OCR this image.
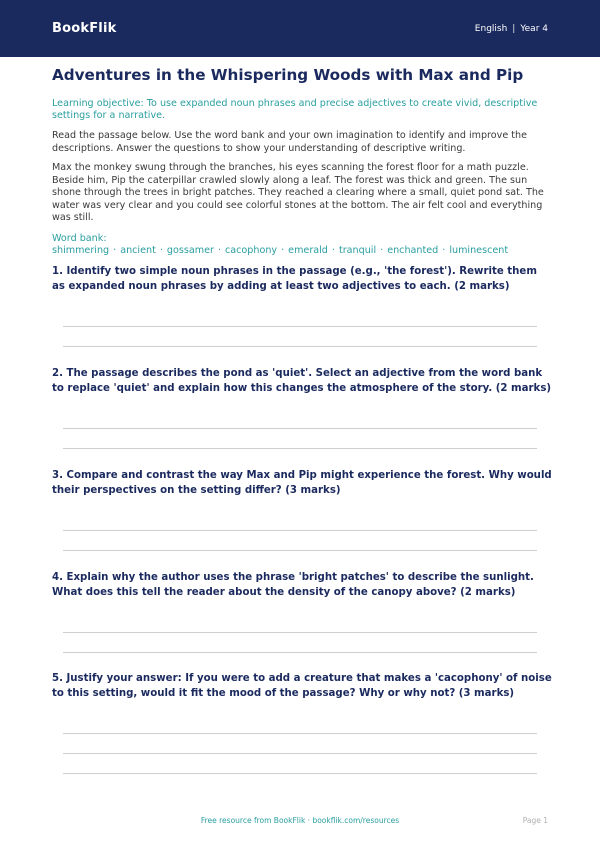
BookFlik	English | Year 4
Adventures in the Whispering Woods with Max and Pip
Learning objective: To use expanded noun phrases and precise adjectives to create vivid, descriptive settings for a narrative.
Read the passage below. Use the word bank and your own imagination to identify and improve the descriptions. Answer the questions to show your understanding of descriptive writing.
Max the monkey swung through the branches, his eyes scanning the forest floor for a math puzzle. Beside him, Pip the caterpillar crawled slowly along a leaf. The forest was thick and green. The sun shone through the trees in bright patches. They reached a clearing where a small, quiet pond sat. The water was very clear and you could see colorful stones at the bottom. The air felt cool and everything was still.
Word bank: shimmering · ancient · gossamer · cacophony · emerald · tranquil · enchanted · luminescent
1. Identify two simple noun phrases in the passage (e.g., 'the forest'). Rewrite them as expanded noun phrases by adding at least two adjectives to each. (2 marks)
2. The passage describes the pond as 'quiet'. Select an adjective from the word bank to replace 'quiet' and explain how this changes the atmosphere of the story. (2 marks)
3. Compare and contrast the way Max and Pip might experience the forest. Why would their perspectives on the setting differ? (3 marks)
4. Explain why the author uses the phrase 'bright patches' to describe the sunlight. What does this tell the reader about the density of the canopy above? (2 marks)
5. Justify your answer: If you were to add a creature that makes a 'cacophony' of noise to this setting, would it fit the mood of the passage? Why or why not? (3 marks)
Free resource from BookFlik · bookflik.com/resources	Page 1
